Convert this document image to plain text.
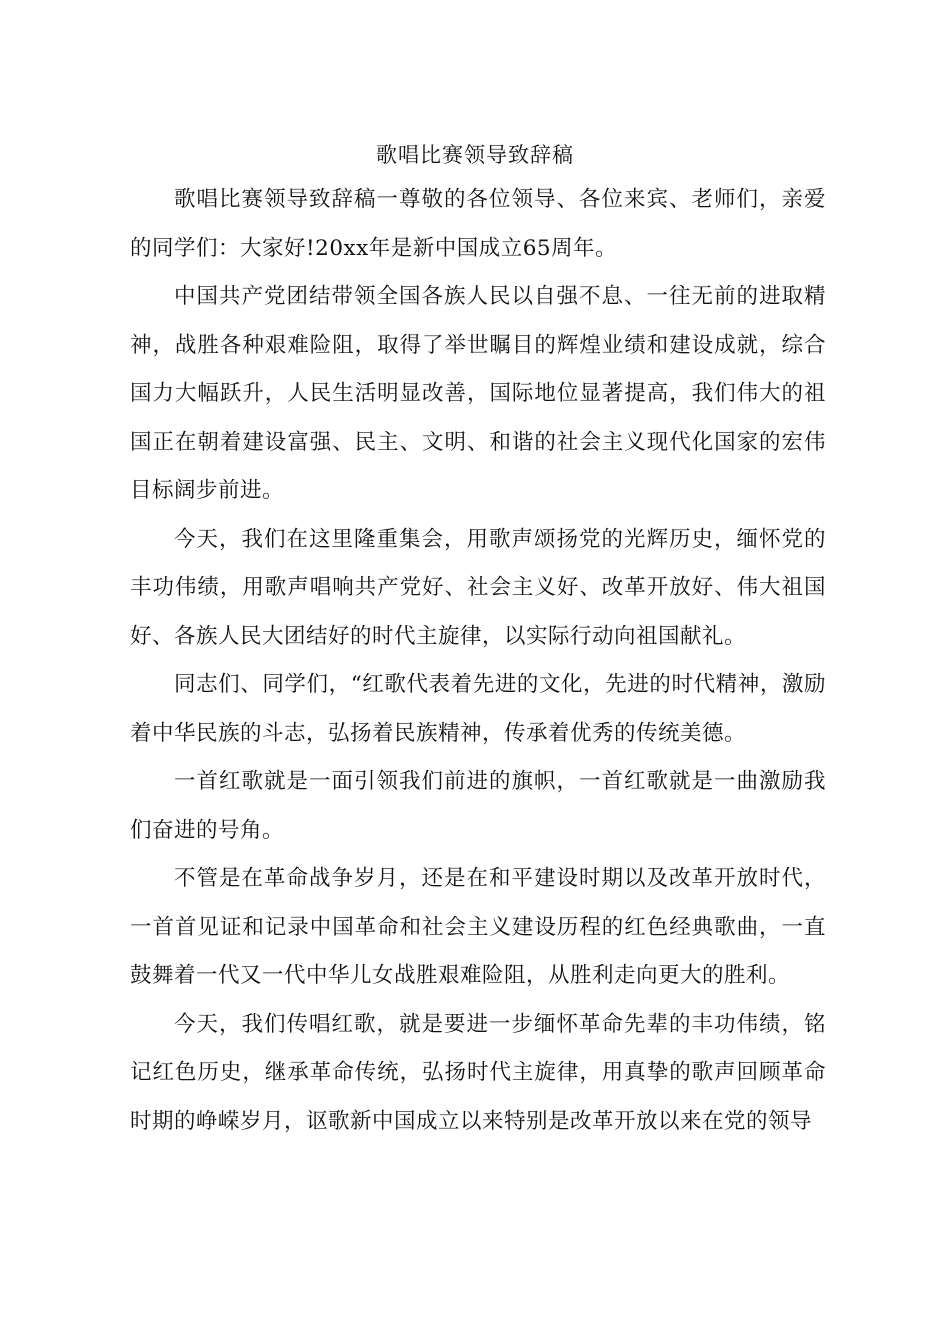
歌唱比赛领导致辞稿

歌唱比赛领导致辞稿一尊敬的各位领导、各位来宾、老师们，亲爱的同学们：大家好!20xx年是新中国成立65周年。

中国共产党团结带领全国各族人民以自强不息、一往无前的进取精神，战胜各种艰难险阻，取得了举世瞩目的辉煌业绩和建设成就，综合国力大幅跃升，人民生活明显改善，国际地位显著提高，我们伟大的祖国正在朝着建设富强、民主、文明、和谐的社会主义现代化国家的宏伟目标阔步前进。

今天，我们在这里隆重集会，用歌声颂扬党的光辉历史，缅怀党的丰功伟绩，用歌声唱响共产党好、社会主义好、改革开放好、伟大祖国好、各族人民大团结好的时代主旋律，以实际行动向祖国献礼。

同志们、同学们，“红歌代表着先进的文化，先进的时代精神，激励着中华民族的斗志，弘扬着民族精神，传承着优秀的传统美德。

一首红歌就是一面引领我们前进的旗帜，一首红歌就是一曲激励我们奋进的号角。

不管是在革命战争岁月，还是在和平建设时期以及改革开放时代，一首首见证和记录中国革命和社会主义建设历程的红色经典歌曲，一直鼓舞着一代又一代中华儿女战胜艰难险阻，从胜利走向更大的胜利。

今天，我们传唱红歌，就是要进一步缅怀革命先辈的丰功伟绩，铭记红色历史，继承革命传统，弘扬时代主旋律，用真挚的歌声回顾革命时期的峥嵘岁月，讴歌新中国成立以来特别是改革开放以来在党的领导
